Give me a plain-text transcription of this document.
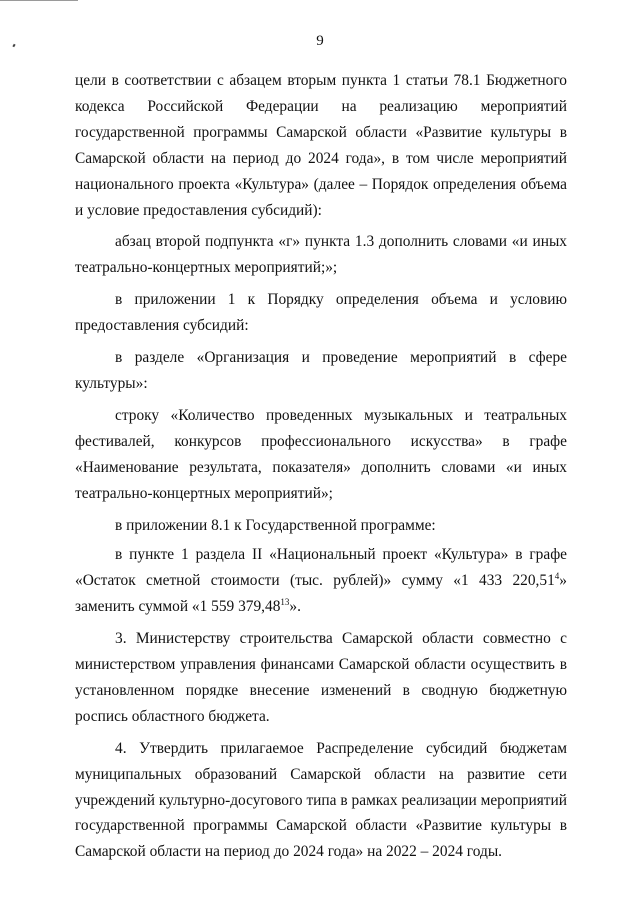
9

цели в соответствии с абзацем вторым пункта 1 статьи 78.1 Бюджетного кодекса Российской Федерации на реализацию мероприятий государственной программы Самарской области «Развитие культуры в Самарской области на период до 2024 года», в том числе мероприятий национального проекта «Культура» (далее – Порядок определения объема и условие предоставления субсидий):

абзац второй подпункта «г» пункта 1.3 дополнить словами «и иных театрально-концертных мероприятий;»;

в приложении 1 к Порядку определения объема и условию предоставления субсидий:

в разделе «Организация и проведение мероприятий в сфере культуры»:

строку «Количество проведенных музыкальных и театральных фестивалей, конкурсов профессионального искусства» в графе «Наименование результата, показателя» дополнить словами «и иных театрально-концертных мероприятий»;

в приложении 8.1 к Государственной программе:

в пункте 1 раздела II «Национальный проект «Культура» в графе «Остаток сметной стоимости (тыс. рублей)» сумму «1 433 220,51$^4$» заменить суммой «1 559 379,48$^{13}$».

3. Министерству строительства Самарской области совместно с министерством управления финансами Самарской области осуществить в установленном порядке внесение изменений в сводную бюджетную роспись областного бюджета.

4. Утвердить прилагаемое Распределение субсидий бюджетам муниципальных образований Самарской области на развитие сети учреждений культурно-досугового типа в рамках реализации мероприятий государственной программы Самарской области «Развитие культуры в Самарской области на период до 2024 года» на 2022 – 2024 годы.
